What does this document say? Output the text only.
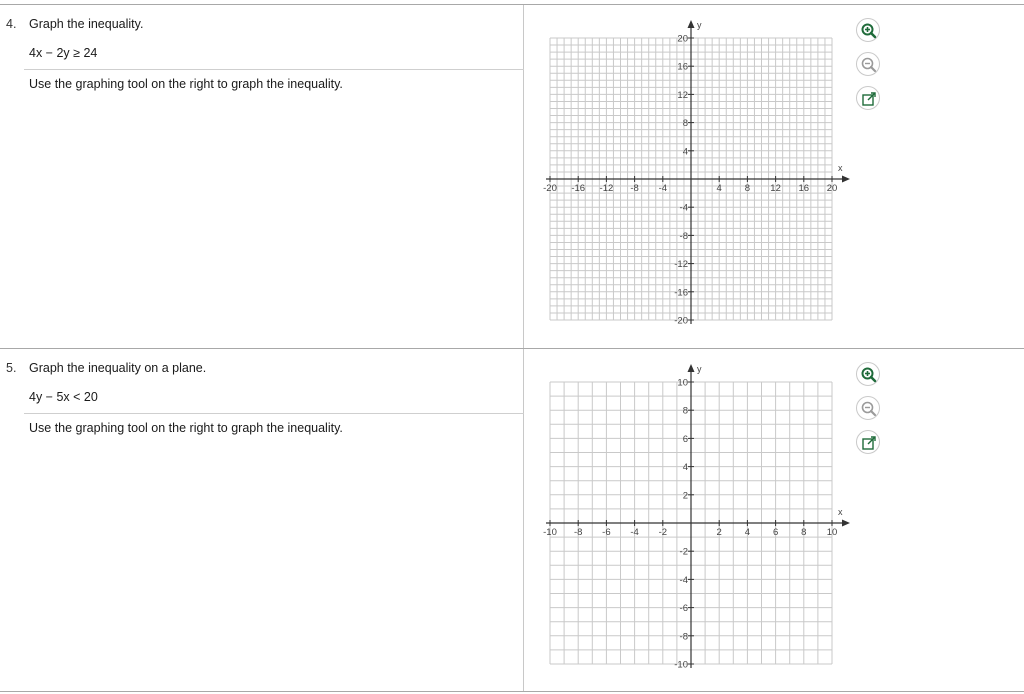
4. Graph the inequality.
4x − 2y ≥ 24
Use the graphing tool on the right to graph the inequality.
x
y
-20
-20
-16
-16
-12
-12
-8
-8
-4
-4
4
4
8
8
12
12
16
16
20
20
5. Graph the inequality on a plane.
4y − 5x < 20
Use the graphing tool on the right to graph the inequality.
x
y
-10
-10
-8
-8
-6
-6
-4
-4
-2
-2
2
2
4
4
6
6
8
8
10
10
